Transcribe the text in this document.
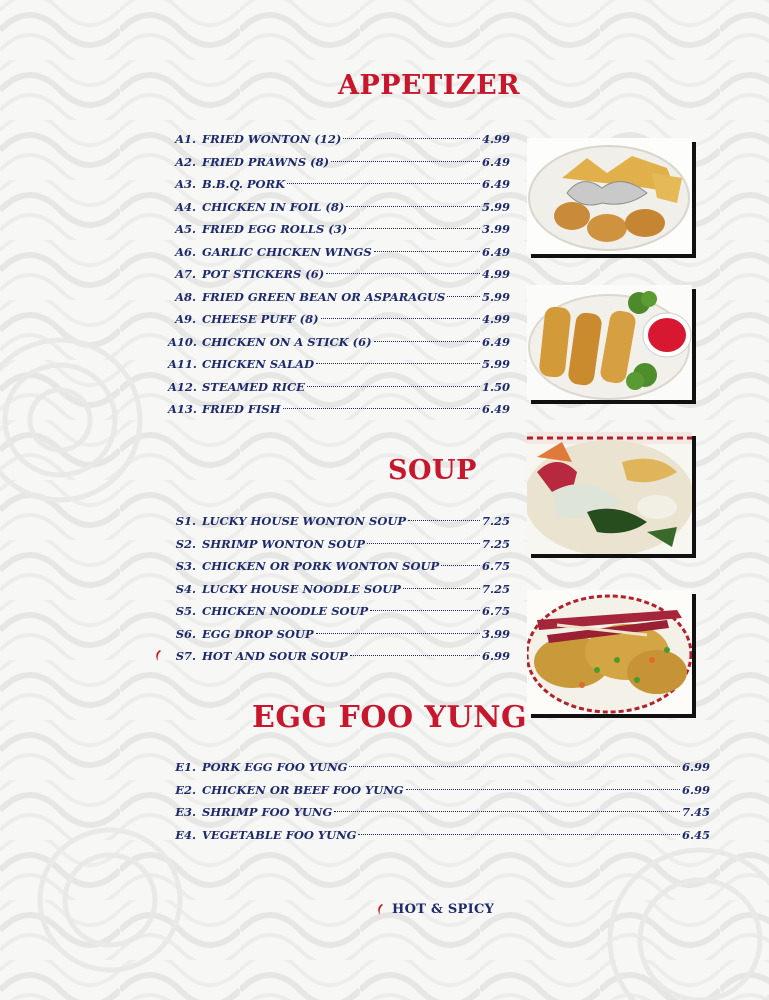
APPETIZER
A1. FRIED WONTON (12)	4.99
A2. FRIED PRAWNS (8)	6.49
A3. B.B.Q. PORK	6.49
A4. CHICKEN IN FOIL (8)	5.99
A5. FRIED EGG ROLLS (3)	3.99
A6. GARLIC CHICKEN WINGS	6.49
A7. POT STICKERS (6)	4.99
A8. FRIED GREEN BEAN OR ASPARAGUS	5.99
A9. CHEESE PUFF (8)	4.99
A10. CHICKEN ON A STICK (6)	6.49
A11. CHICKEN SALAD	5.99
A12. STEAMED RICE	1.50
A13. FRIED FISH	6.49
SOUP
S1. LUCKY HOUSE WONTON SOUP	7.25
S2. SHRIMP WONTON SOUP	7.25
S3. CHICKEN OR PORK WONTON SOUP	6.75
S4. LUCKY HOUSE NOODLE SOUP	7.25
S5. CHICKEN NOODLE SOUP	6.75
S6. EGG DROP SOUP	3.99
S7. HOT AND SOUR SOUP	6.99
EGG FOO YUNG
E1. PORK EGG FOO YUNG	6.99
E2. CHICKEN OR BEEF FOO YUNG	6.99
E3. SHRIMP FOO YUNG	7.45
E4. VEGETABLE FOO YUNG	6.45
HOT & SPICY
